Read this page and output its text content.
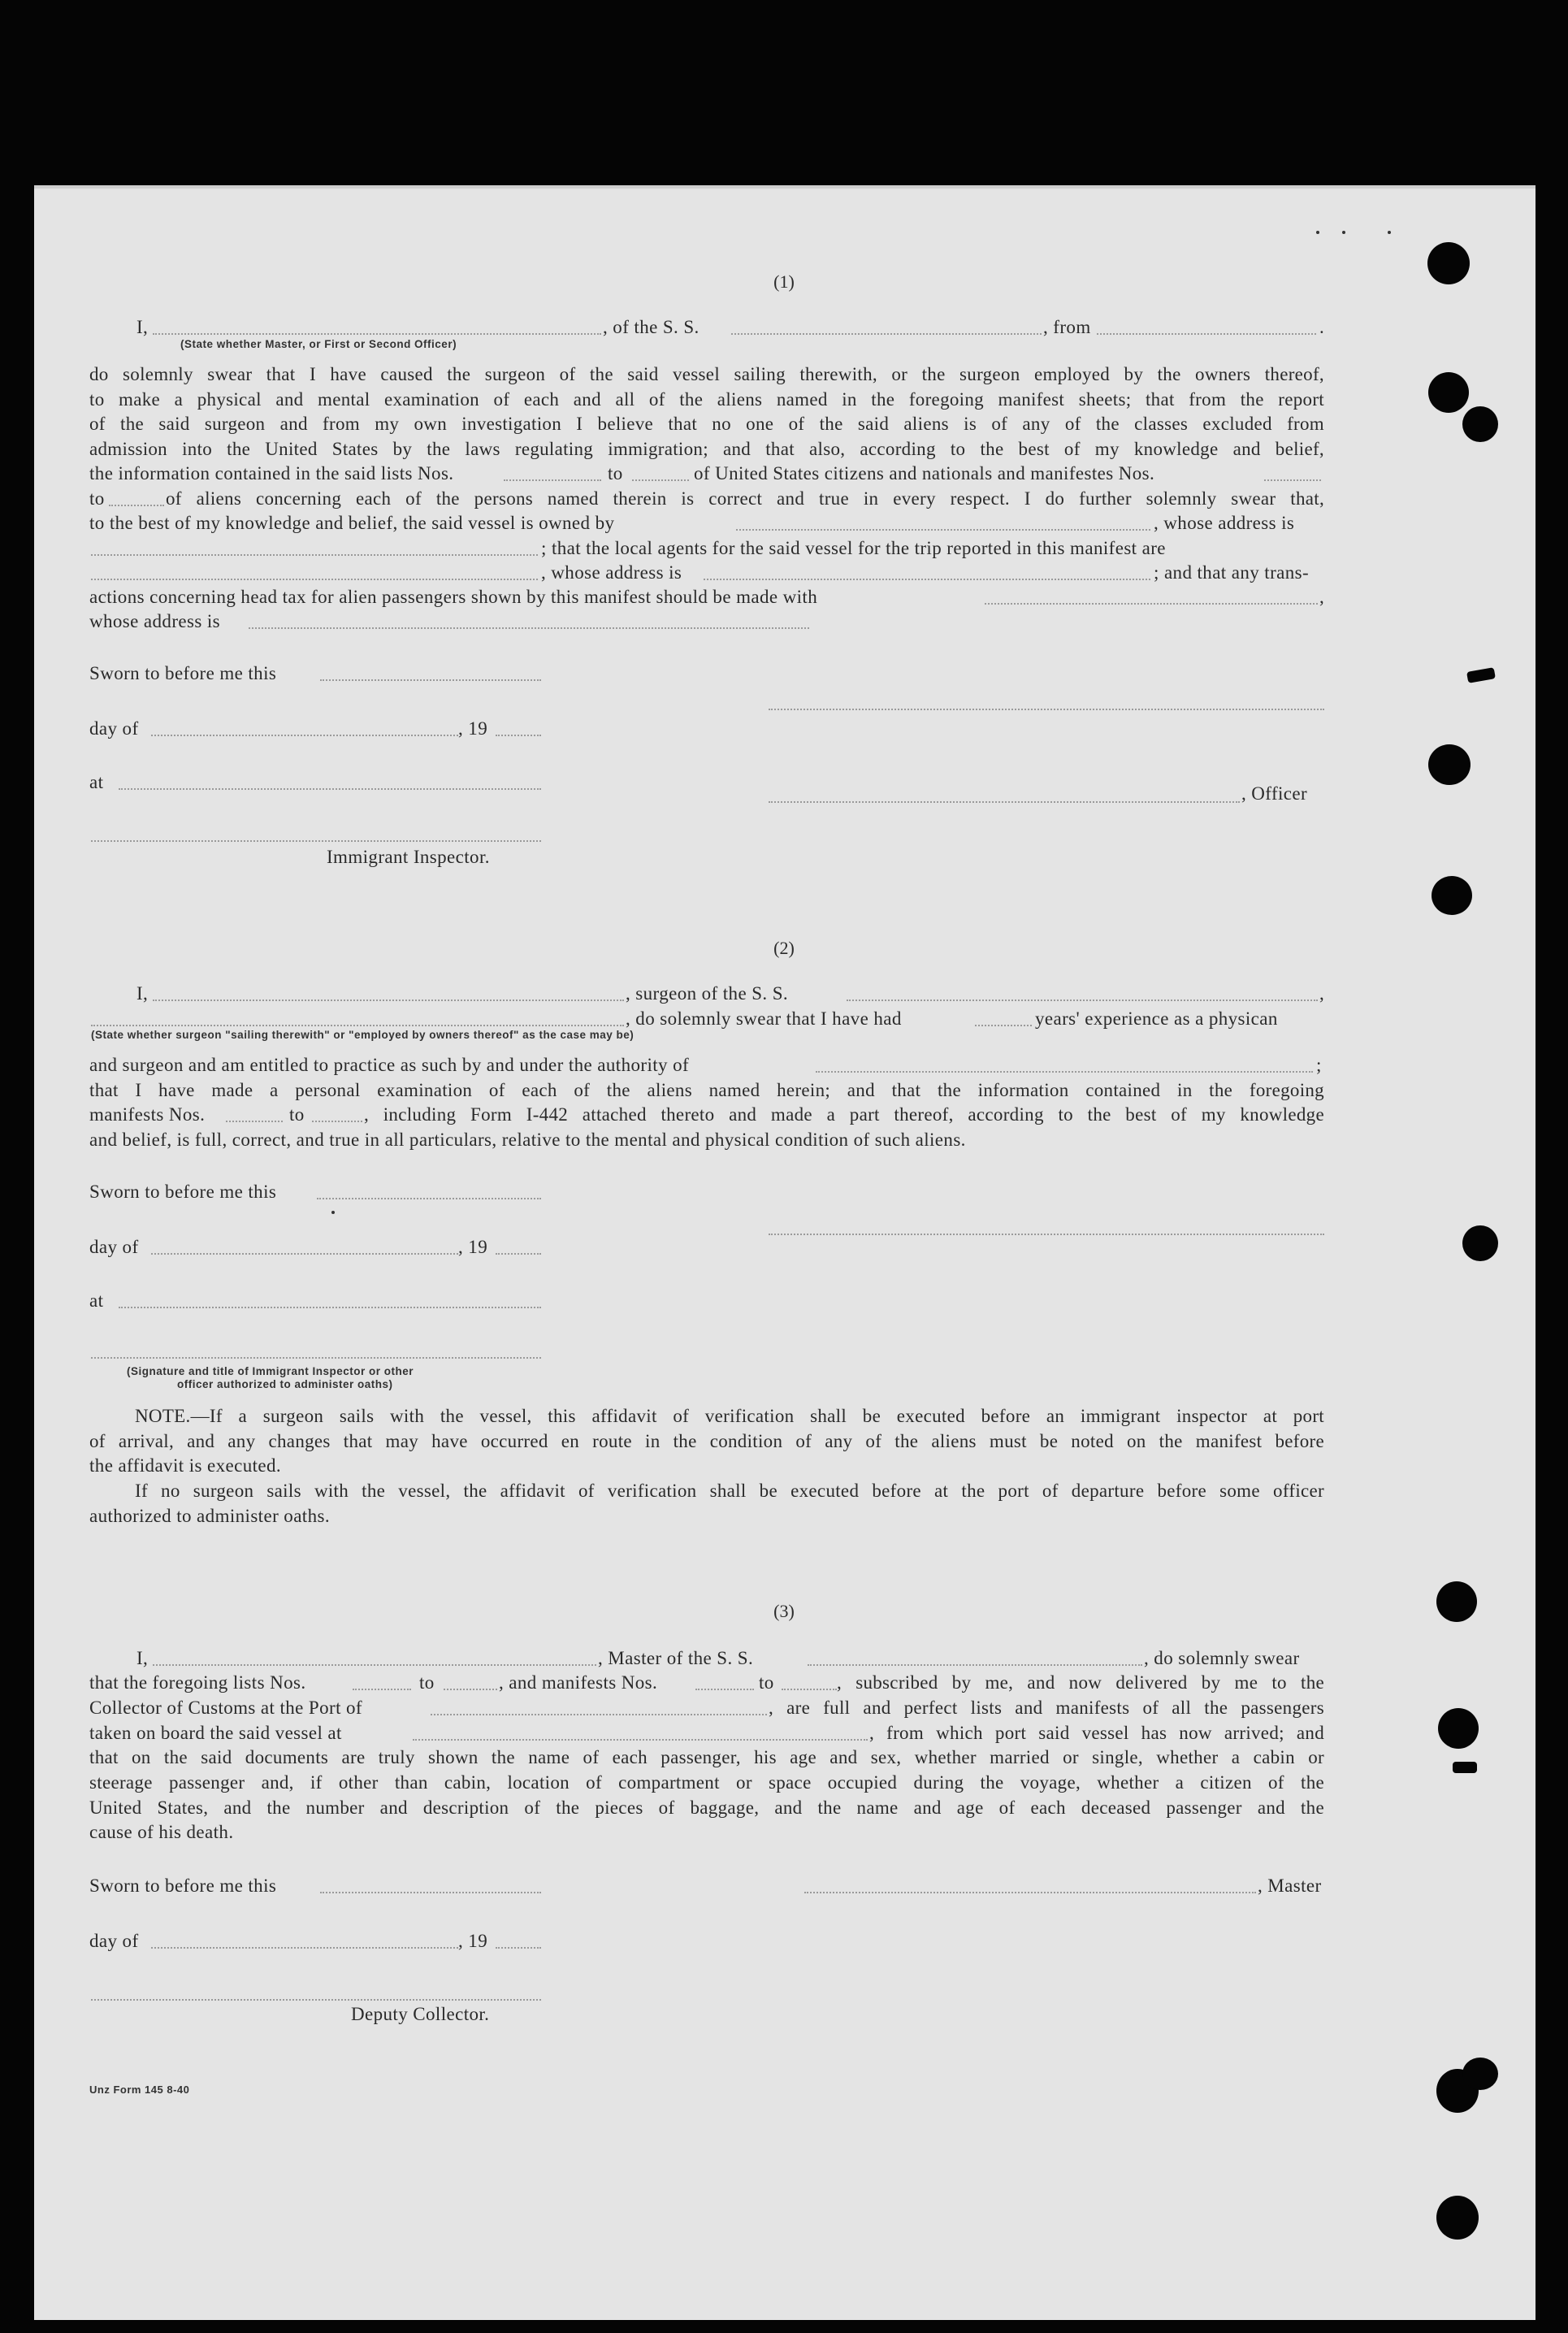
(1)
I,	, of the S. S.	, from	.
(State whether Master, or First or Second Officer)
do solemnly swear that I have caused the surgeon of the said vessel sailing therewith, or the surgeon employed by the owners thereof,
to make a physical and mental examination of each and all of the aliens named in the foregoing manifest sheets; that from the report
of the said surgeon and from my own investigation I believe that no one of the said aliens is of any of the classes excluded from
admission into the United States by the laws regulating immigration; and that also, according to the best of my knowledge and belief,
the information contained in the said lists Nos.	to	of United States citizens and nationals and manifestes Nos.
to	of aliens concerning each of the persons named therein is correct and true in every respect. I do further solemnly swear that,
to the best of my knowledge and belief, the said vessel is owned by	, whose address is
; that the local agents for the said vessel for the trip reported in this manifest are
, whose address is	; and that any trans-
actions concerning head tax for alien passengers shown by this manifest should be made with	,
whose address is
Sworn to before me this
day of	, 19
at
, Officer
Immigrant Inspector.
(2)
I,	, surgeon of the S. S.	,
, do solemnly swear that I have had	years' experience as a physican
(State whether surgeon "sailing therewith" or "employed by owners thereof" as the case may be)
and surgeon and am entitled to practice as such by and under the authority of	;
that I have made a personal examination of each of the aliens named herein; and that the information contained in the foregoing
manifests Nos.	to	, including Form I-442 attached thereto and made a part thereof, according to the best of my knowledge
and belief, is full, correct, and true in all particulars, relative to the mental and physical condition of such aliens.
Sworn to before me this
day of	, 19
at
(Signature and title of Immigrant Inspector or other
officer authorized to administer oaths)
NOTE.—If a surgeon sails with the vessel, this affidavit of verification shall be executed before an immigrant inspector at port
of arrival, and any changes that may have occurred en route in the condition of any of the aliens must be noted on the manifest before
the affidavit is executed.
If no surgeon sails with the vessel, the affidavit of verification shall be executed before at the port of departure before some officer
authorized to administer oaths.
(3)
I,	, Master of the S. S.	, do solemnly swear
that the foregoing lists Nos.	to	, and manifests Nos.	to	, subscribed by me, and now delivered by me to the
Collector of Customs at the Port of	, are full and perfect lists and manifests of all the passengers
taken on board the said vessel at	, from which port said vessel has now arrived; and
that on the said documents are truly shown the name of each passenger, his age and sex, whether married or single, whether a cabin or
steerage passenger and, if other than cabin, location of compartment or space occupied during the voyage, whether a citizen of the
United States, and the number and description of the pieces of baggage, and the name and age of each deceased passenger and the
cause of his death.
Sworn to before me this	, Master
day of	, 19
Deputy Collector.
Unz Form 145 8-40
